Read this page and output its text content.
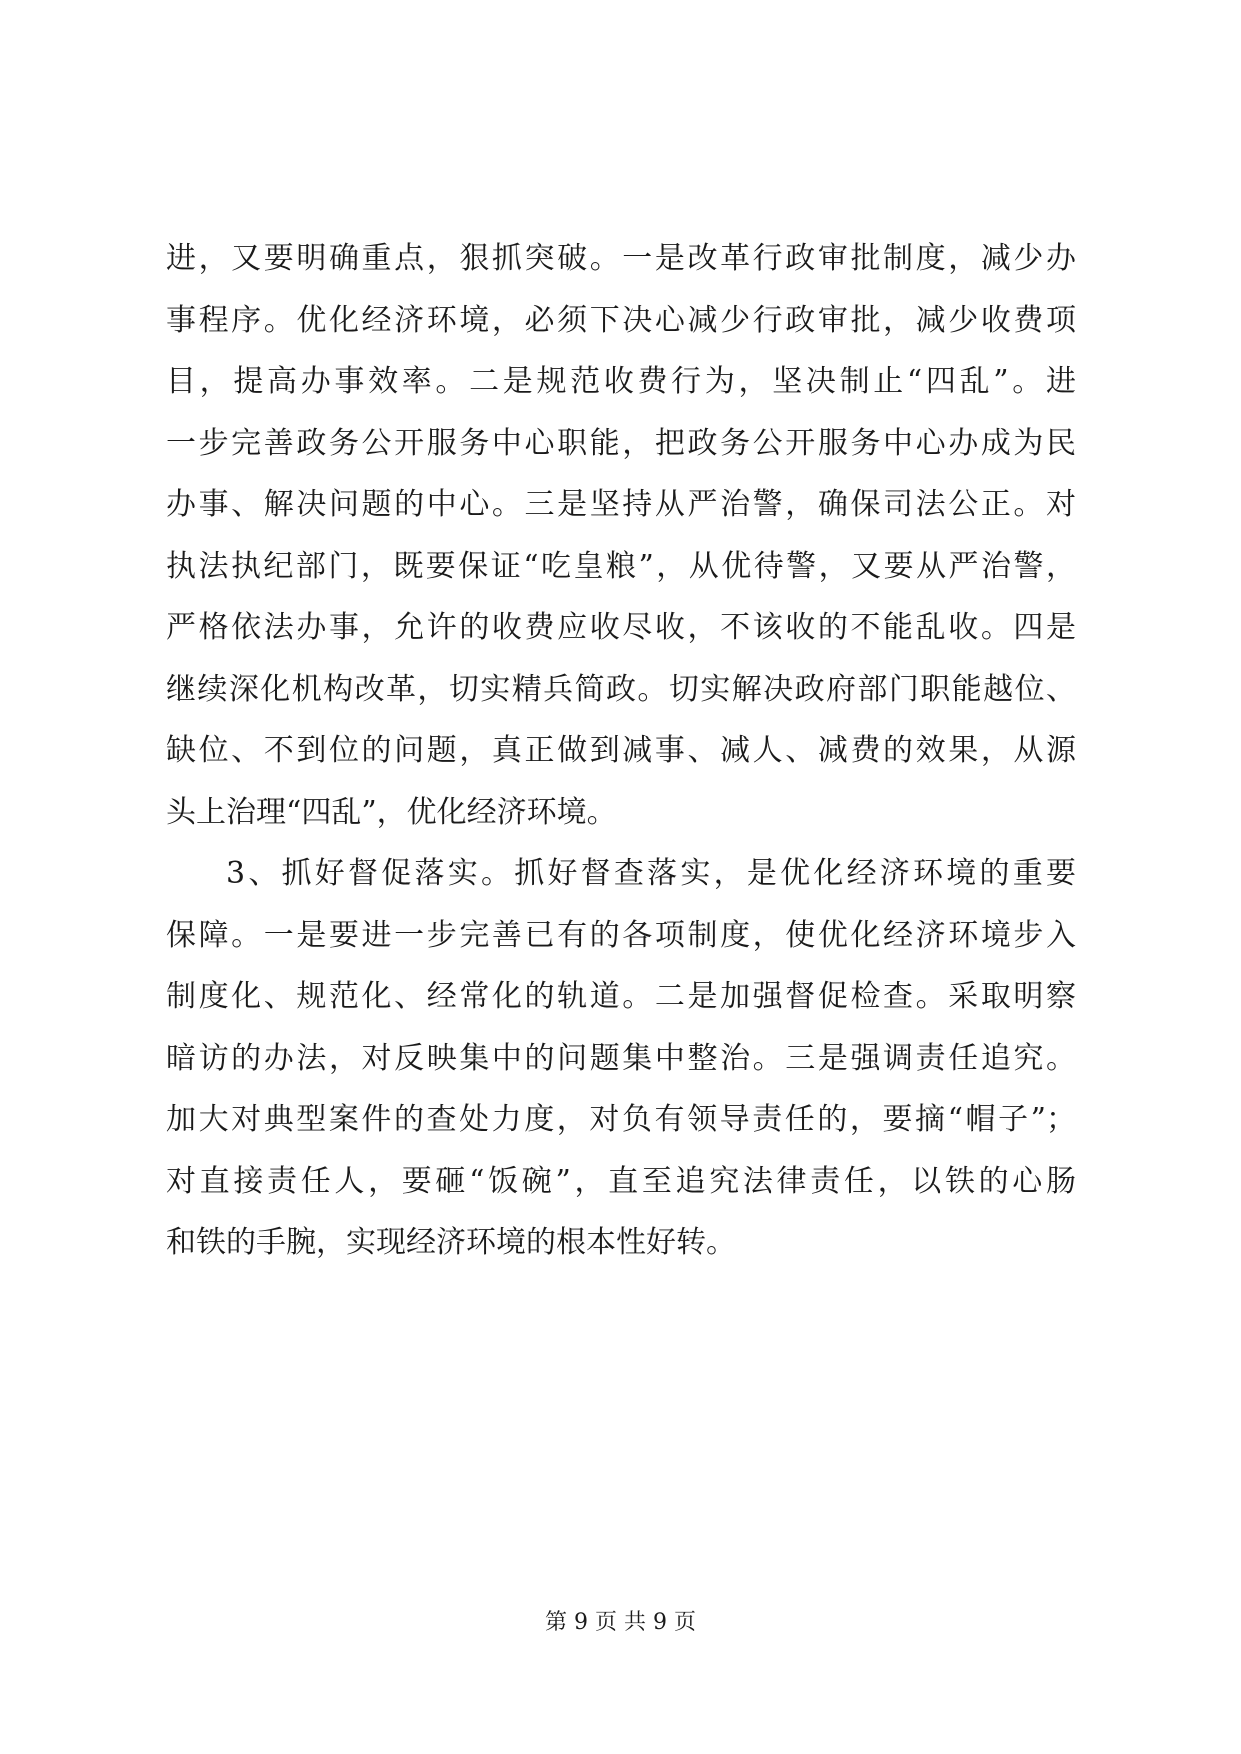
进，又要明确重点，狠抓突破。一是改革行政审批制度，减少办
事程序。优化经济环境，必须下决心减少行政审批，减少收费项
目，提高办事效率。二是规范收费行为，坚决制止“四乱”。进
一步完善政务公开服务中心职能，把政务公开服务中心办成为民
办事、解决问题的中心。三是坚持从严治警，确保司法公正。对
执法执纪部门，既要保证“吃皇粮”，从优待警，又要从严治警，
严格依法办事，允许的收费应收尽收，不该收的不能乱收。四是
继续深化机构改革，切实精兵简政。切实解决政府部门职能越位、
缺位、不到位的问题，真正做到减事、减人、减费的效果，从源
头上治理“四乱”，优化经济环境。
3、抓好督促落实。抓好督查落实，是优化经济环境的重要
保障。一是要进一步完善已有的各项制度，使优化经济环境步入
制度化、规范化、经常化的轨道。二是加强督促检查。采取明察
暗访的办法，对反映集中的问题集中整治。三是强调责任追究。
加大对典型案件的查处力度，对负有领导责任的，要摘“帽子”；
对直接责任人，要砸“饭碗”，直至追究法律责任，以铁的心肠
和铁的手腕，实现经济环境的根本性好转。
第 9 页 共 9 页
